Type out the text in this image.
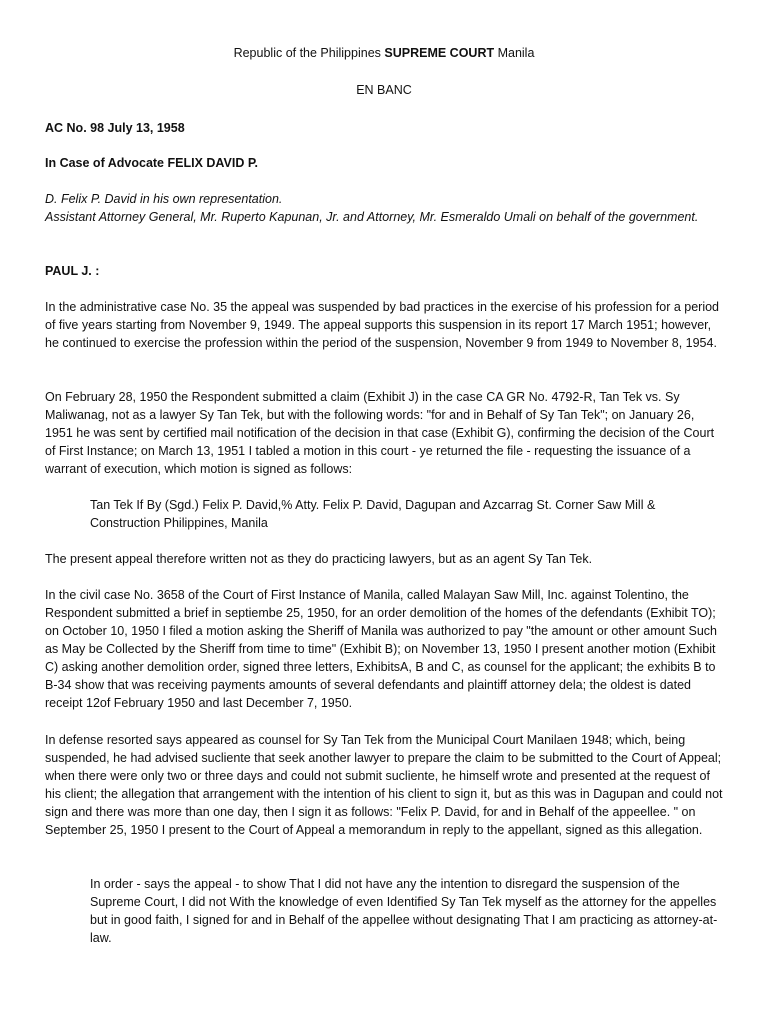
Republic of the Philippines SUPREME COURT Manila
EN BANC
AC No. 98 July 13, 1958
In Case of Advocate FELIX DAVID P.

D. Felix P. David in his own representation.

Assistant Attorney General, Mr. Ruperto Kapunan, Jr. and Attorney, Mr. Esmeraldo Umali on behalf of the government.

PAUL J. :
In the administrative case No. 35 the appeal was suspended by bad practices in the exercise of his profession for a period of five years starting from November 9, 1949. The appeal supports this suspension in its report 17 March 1951; however, he continued to exercise the profession within the period of the suspension, November 9 from 1949 to November 8, 1954.
On February 28, 1950 the Respondent submitted a claim (Exhibit J) in the case CA GR No. 4792-R, Tan Tek vs. Sy Maliwanag, not as a lawyer Sy Tan Tek, but with the following words: "for and in Behalf of Sy Tan Tek"; on January 26, 1951 he was sent by certified mail notification of the decision in that case (Exhibit G), confirming the decision of the Court of First Instance; on March 13, 1951 I tabled a motion in this court - ye returned the file - requesting the issuance of a warrant of execution, which motion is signed as follows:
Tan Tek If By (Sgd.) Felix P. David,% Atty. Felix P. David, Dagupan and Azcarrag St. Corner Saw Mill & Construction Philippines, Manila
The present appeal therefore written not as they do practicing lawyers, but as an agent Sy Tan Tek.
In the civil case No. 3658 of the Court of First Instance of Manila, called Malayan Saw Mill, Inc. against Tolentino, the Respondent submitted a brief in septiembe 25, 1950, for an order demolition of the homes of the defendants (Exhibit TO); on October 10, 1950 I filed a motion asking the Sheriff of Manila was authorized to pay "the amount or other amount Such as May be Collected by the Sheriff from time to time" (Exhibit B); on November 13, 1950 I present another motion (Exhibit C) asking another demolition order, signed three letters, ExhibitsA, B and C, as counsel for the applicant; the exhibits B to B-34 show that was receiving payments amounts of several defendants and plaintiff attorney dela; the oldest is dated receipt 12of February 1950 and last December 7, 1950.
In defense resorted says appeared as counsel for Sy Tan Tek from the Municipal Court Manilaen 1948; which, being suspended, he had advised suclientе that seek another lawyer to prepare the claim to be submitted to the Court of Appeal; when there were only two or three days and could not submit suclientе, he himself wrote and presented at the request of his client; the allegation that arrangement with the intention of his client to sign it, but as this was in Dagupan and could not sign and there was more than one day, then I sign it as follows: "Felix P. David, for and in Behalf of the appeellee. " on September 25, 1950 I present to the Court of Appeal a memorandum in reply to the appellant, signed as this allegation.
In order - says the appeal - to show That I did not have any the intention to disregard the suspension of the Supreme Court, I did not With the knowledge of even Identified Sy Tan Tek myself as the attorney for the appelles but in good faith, I signed for and in Behalf of the appellee without designating That I am practicing as attorney-at-law.
